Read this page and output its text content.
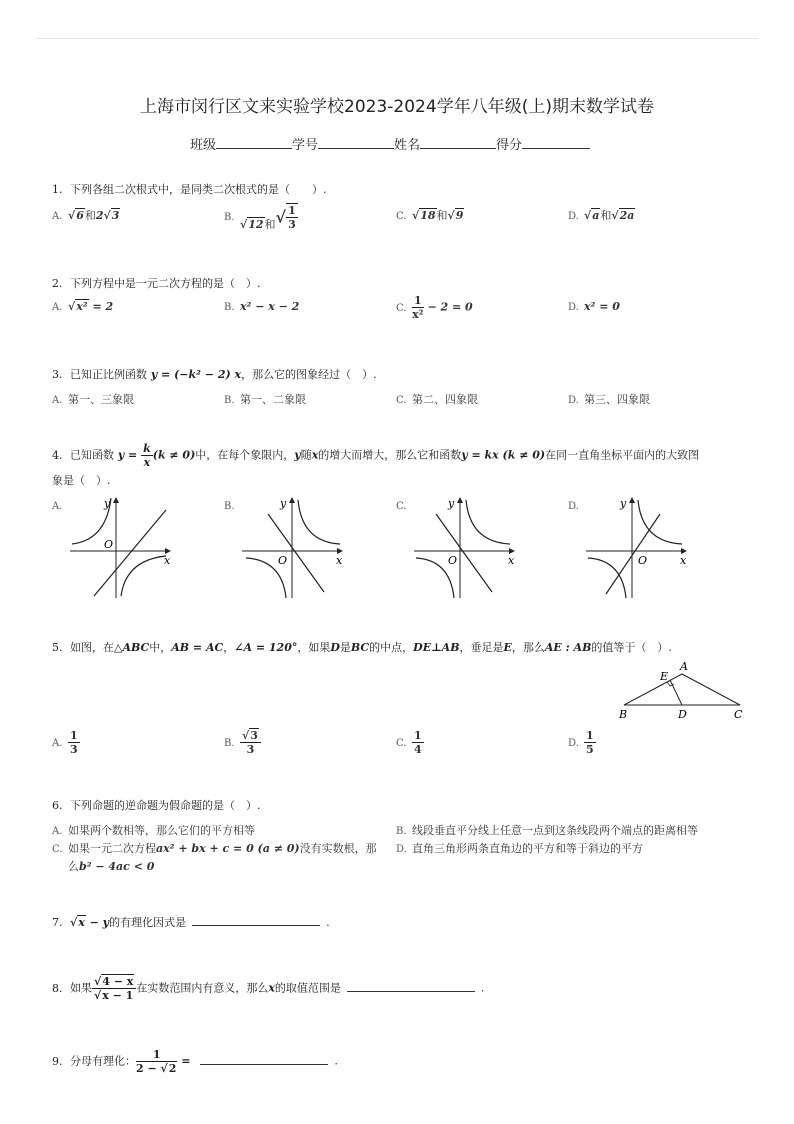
上海市闵行区文来实验学校2023-2024学年八年级(上)期末数学试卷
班级	学号	姓名	得分
1. 下列各组二次根式中，是同类二次根式的是（　　）.
A. √6和2√3	B.√12和√ $\frac{1}{3}$	C. √18和√9	D. √a和√2a
2. 下列方程中是一元二次方程的是（　）.
A. √x² = 2	B. x² − x − 2	C. $\frac{1}{\text{x²}} - 2 = 0$	D. x² = 0
3. 已知正比例函数 y = (−k² − 2) x，那么它的图象经过（　）.
A. 第一、三象限	B. 第一、二象限	C. 第二、四象限	D. 第三、四象限
4. 已知函数 $y = \frac{k}{x} (k \ne 0)$中，在每个象限内，y随x的增大而增大，那么它和函数y = kx (k ≠ 0)在同一直角坐标平面内的大致图
象是（　）.
A.	B.	C.	D.
y
x
O
y
x
O
y
x
O
y
x
O
5. 如图，在△ABC中，AB = AC，∠A = 120°，如果D是BC的中点，DE⊥AB，垂足是E，那么AE : AB的值等于（　）.
A
B	C
D
E
A. $\frac{1}{3}$	B. $\frac{√3}{3}$	C. $\frac{1}{4}$	D. $\frac{1}{5}$
6. 下列命题的逆命题为假命题的是（　）.
A. 如果两个数相等，那么它们的平方相等	B. 线段垂直平分线上任意一点到这条线段两个端点的距离相等
C. 如果一元二次方程ax² + bx + c = 0 (a ≠ 0)没有实数根，那
么b² − 4ac < 0
D. 直角三角形两条直角边的平方和等于斜边的平方
7. √x − y的有理化因式是	.
8. 如果 $\frac{√4 - x}{√x - 1}$ 在实数范围内有意义，那么x的取值范围是	.
9. 分母有理化： $\frac{1}{2 - √2}$ =	.
